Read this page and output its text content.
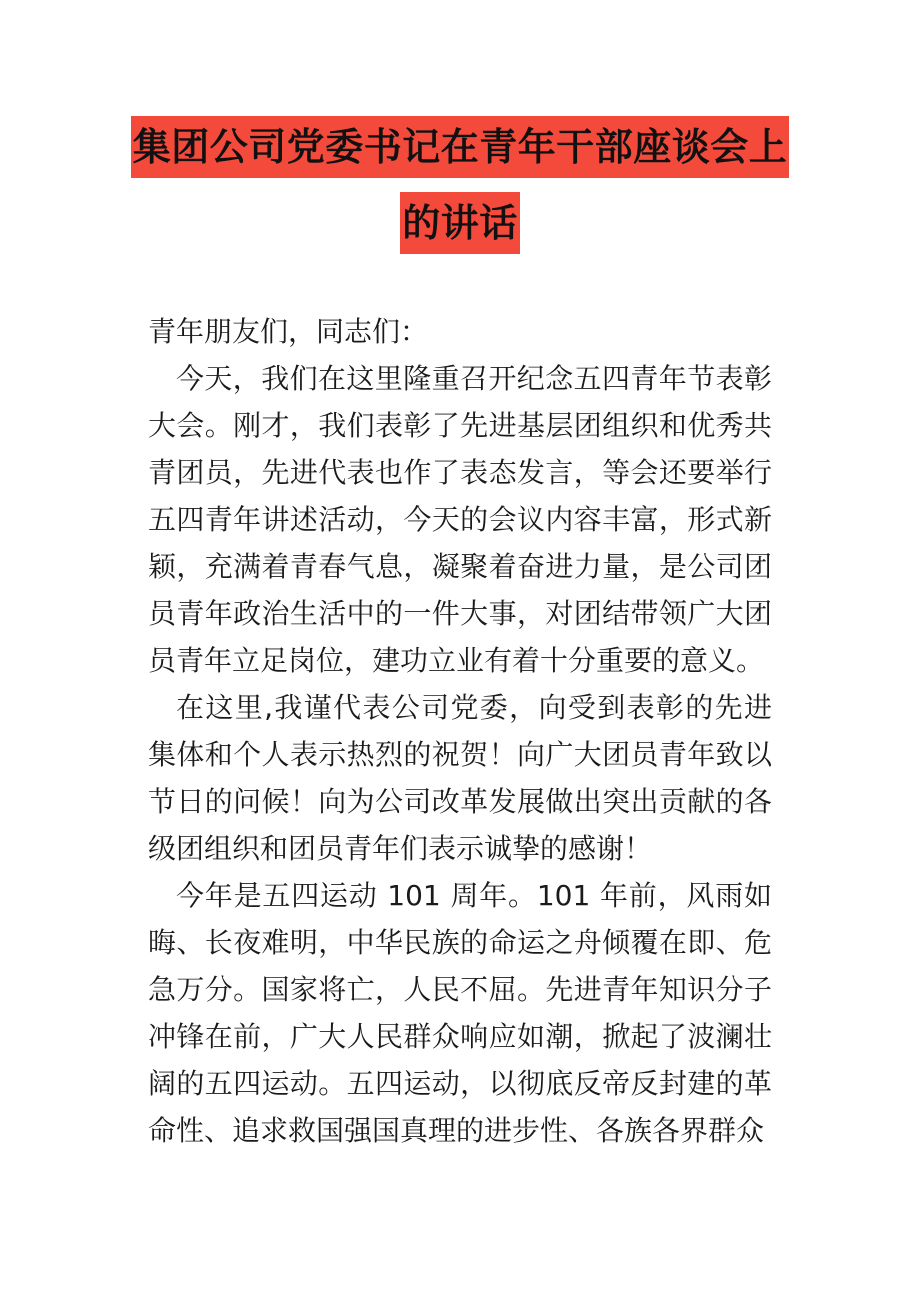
集团公司党委书记在青年干部座谈会上
的讲话

青年朋友们，同志们：

今天，我们在这里隆重召开纪念五四青年节表彰大会。刚才，我们表彰了先进基层团组织和优秀共青团员，先进代表也作了表态发言，等会还要举行五四青年讲述活动，今天的会议内容丰富，形式新颖，充满着青春气息，凝聚着奋进力量，是公司团员青年政治生活中的一件大事，对团结带领广大团员青年立足岗位，建功立业有着十分重要的意义。

在这里,我谨代表公司党委，向受到表彰的先进集体和个人表示热烈的祝贺！向广大团员青年致以节日的问候！向为公司改革发展做出突出贡献的各级团组织和团员青年们表示诚挚的感谢！

今年是五四运动 101 周年。101 年前，风雨如晦、长夜难明，中华民族的命运之舟倾覆在即、危急万分。国家将亡，人民不屈。先进青年知识分子冲锋在前，广大人民群众响应如潮，掀起了波澜壮阔的五四运动。五四运动，以彻底反帝反封建的革命性、追求救国强国真理的进步性、各族各界群众
